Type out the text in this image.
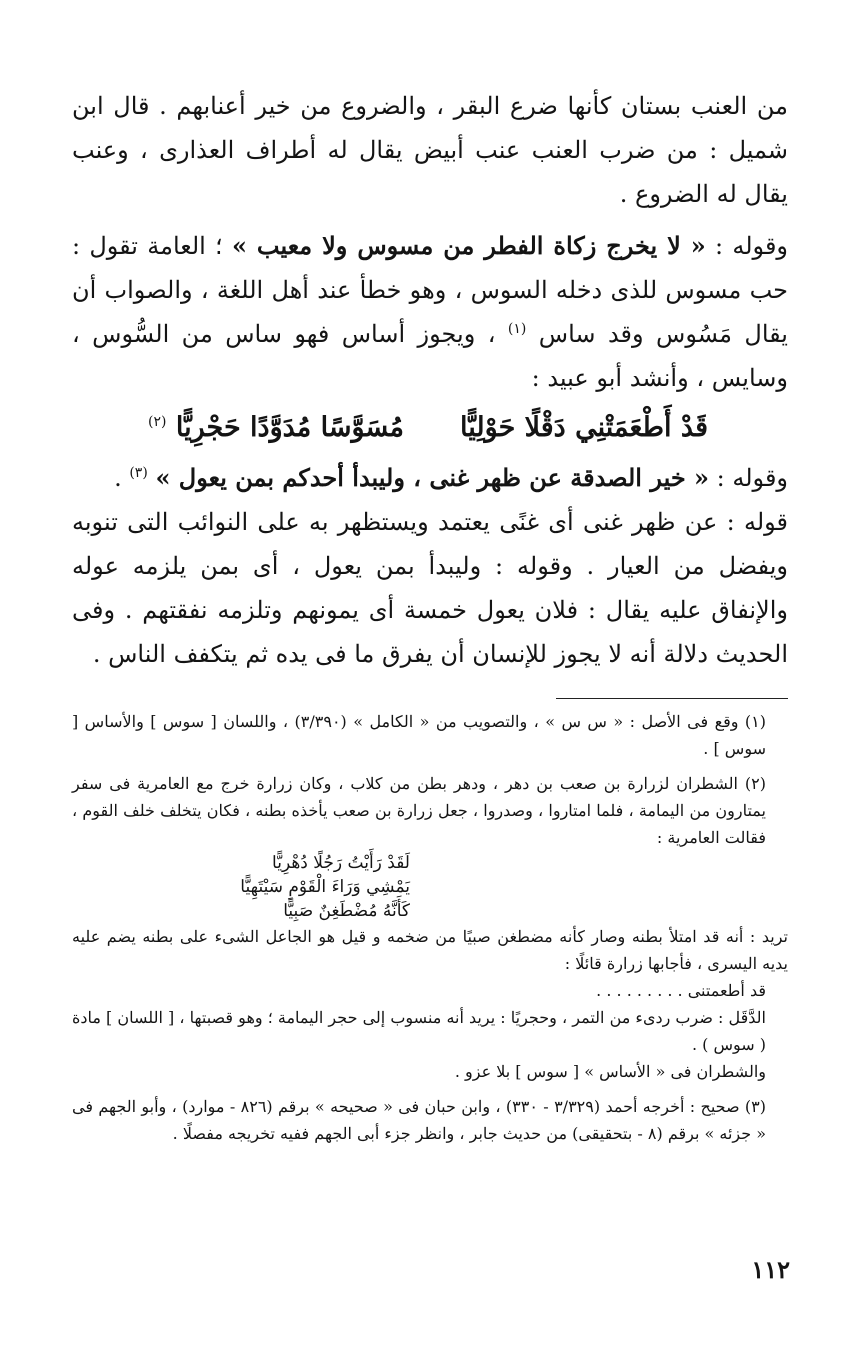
من العنب بستان كأنها ضرع البقر ، والضروع من خير أعنابهم . قال ابن شميل : من ضرب العنب عنب أبيض يقال له أطراف العذارى ، وعنب يقال له الضروع .

وقوله : « لا يخرج زكاة الفطر من مسوس ولا معيب » ؛ العامة تقول : حب مسوس للذى دخله السوس ، وهو خطأ عند أهل اللغة ، والصواب أن يقال مَسُوس وقد ساس $^{(١)}$ ، ويجوز أساس فهو ساس من السُّوس ، وسايس ، وأنشد أبو عبيد :

قَدْ أَطْعَمَتْنِي دَقْلًا حَوْلِيًّا
مُسَوَّسًا مُدَوَّدًا حَجْرِيًّا $^{(٢)}$

وقوله : « خير الصدقة عن ظهر غنى ، وليبدأ أحدكم بمن يعول » $^{(٣)}$ .

قوله : عن ظهر غنى أى غنًى يعتمد ويستظهر به على النوائب التى تنوبه ويفضل من العيار . وقوله : وليبدأ بمن يعول ، أى بمن يلزمه عوله والإنفاق عليه يقال : فلان يعول خمسة أى يمونهم وتلزمه نفقتهم . وفى الحديث دلالة أنه لا يجوز للإنسان أن يفرق ما فى يده ثم يتكفف الناس .

(١) وقع فى الأصل : « س س » ، والتصويب من « الكامل » (٣/٣٩٠) ، واللسان [ سوس ] والأساس [ سوس ] .

(٢) الشطران لزرارة بن صعب بن دهر ، ودهر بطن من كلاب ، وكان زرارة خرج مع العامرية فى سفر يمتارون من اليمامة ، فلما امتاروا ، وصدروا ، جعل زرارة بن صعب يأخذه بطنه ، فكان يتخلف خلف القوم ، فقالت العامرية :

لَقَدْ رَأَيْتُ رَجُلًا دُهْرِيًّا
يَمْشِي وَرَاءَ الْقَوْمِ سَيْتَهِيًّا
كَأَنَّهُ مُضْطَغِنٌ صَبِيًّا

تريد : أنه قد امتلأ بطنه وصار كأنه مضطغن صبيًا من ضخمه و قيل هو الجاعل الشىء على بطنه يضم عليه يديه اليسرى ، فأجابها زرارة قائلًا :

قد أطعمتنى . . . . . . . . .

الدَّقَل : ضرب ردىء من التمر ، وحجريًا : يريد أنه منسوب إلى حجر اليمامة ؛ وهو قصبتها ، [ اللسان ] مادة ( سوس ) .

والشطران فى « الأساس » [ سوس ] بلا عزو .

(٣) صحيح : أخرجه أحمد (٣/٣٢٩ - ٣٣٠) ، وابن حبان فى « صحيحه » برقم (٨٢٦ - موارد) ، وأبو الجهم فى « جزئه » برقم (٨ - بتحقيقى) من حديث جابر ، وانظر جزء أبى الجهم ففيه تخريجه مفصلًا .

١١٢
